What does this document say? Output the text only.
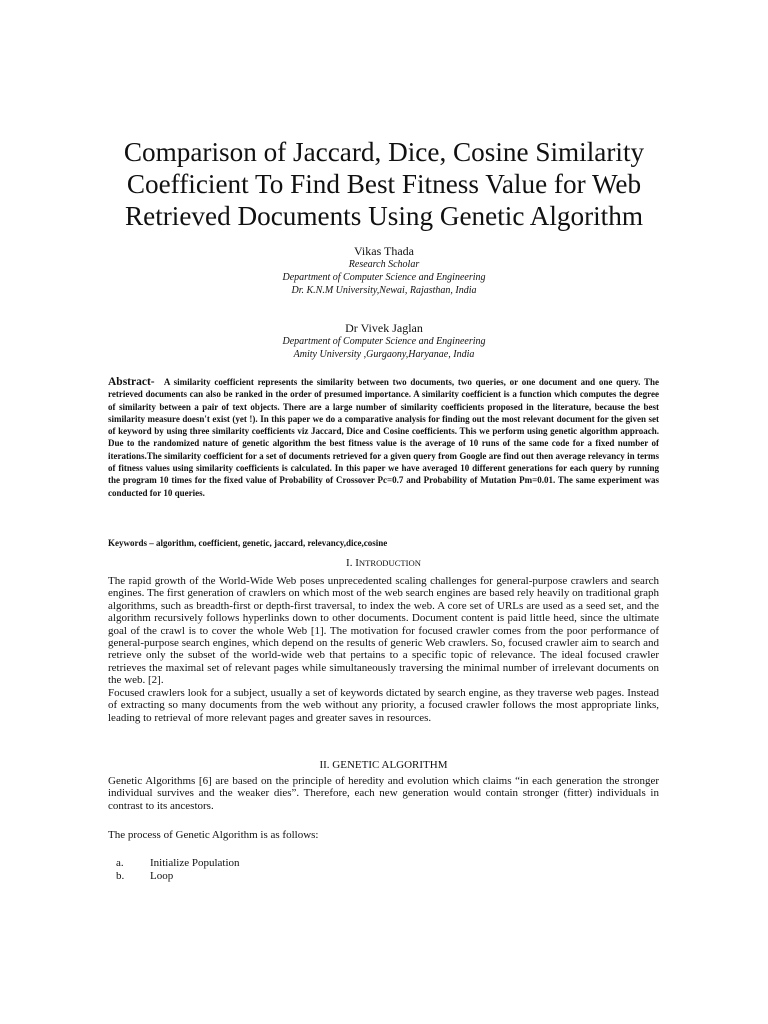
Comparison of Jaccard, Dice, Cosine Similarity
Coefficient To Find Best Fitness Value for Web
Retrieved Documents Using Genetic Algorithm
Vikas Thada
Research Scholar
Department of Computer Science and Engineering
Dr. K.N.M University,Newai, Rajasthan, India
Dr Vivek Jaglan
Department of Computer Science and Engineering
Amity University ,Gurgaony,Haryanae, India

Abstract- A similarity coefficient represents the similarity between two documents, two queries, or one document and one query. The retrieved documents can also be ranked in the order of presumed importance. A similarity coefficient is a function which computes the degree of similarity between a pair of text objects. There are a large number of similarity coefficients proposed in the literature, because the best similarity measure doesn't exist (yet !). In this paper we do a comparative analysis for finding out the most relevant document for the given set of keyword by using three similarity coefficients viz Jaccard, Dice and Cosine coefficients. This we perform using genetic algorithm approach. Due to the randomized nature of genetic algorithm the best fitness value is the average of 10 runs of the same code for a fixed number of iterations.The similarity coefficient for a set of documents retrieved for a given query from Google are find out then average relevancy in terms of fitness values using similarity coefficients is calculated. In this paper we have averaged 10 different generations for each query by running the program 10 times for the fixed value of Probability of Crossover Pc=0.7 and Probability of Mutation Pm=0.01. The same experiment was conducted for 10 queries.

Keywords – algorithm, coefficient, genetic, jaccard, relevancy,dice,cosine

I. INTRODUCTION

The rapid growth of the World-Wide Web poses unprecedented scaling challenges for general-purpose crawlers and search engines. The first generation of crawlers on which most of the web search engines are based rely heavily on traditional graph algorithms, such as breadth-first or depth-first traversal, to index the web. A core set of URLs are used as a seed set, and the algorithm recursively follows hyperlinks down to other documents. Document content is paid little heed, since the ultimate goal of the crawl is to cover the whole Web [1]. The motivation for focused crawler comes from the poor performance of general-purpose search engines, which depend on the results of generic Web crawlers. So, focused crawler aim to search and retrieve only the subset of the world-wide web that pertains to a specific topic of relevance. The ideal focused crawler retrieves the maximal set of relevant pages while simultaneously traversing the minimal number of irrelevant documents on the web. [2].

Focused crawlers look for a subject, usually a set of keywords dictated by search engine, as they traverse web pages. Instead of extracting so many documents from the web without any priority, a focused crawler follows the most appropriate links, leading to retrieval of more relevant pages and greater saves in resources.

II. GENETIC ALGORITHM

Genetic Algorithms [6] are based on the principle of heredity and evolution which claims “in each generation the stronger individual survives and the weaker dies”. Therefore, each new generation would contain stronger (fitter) individuals in contrast to its ancestors.

The process of Genetic Algorithm is as follows:

a.	Initialize Population
b.	Loop
